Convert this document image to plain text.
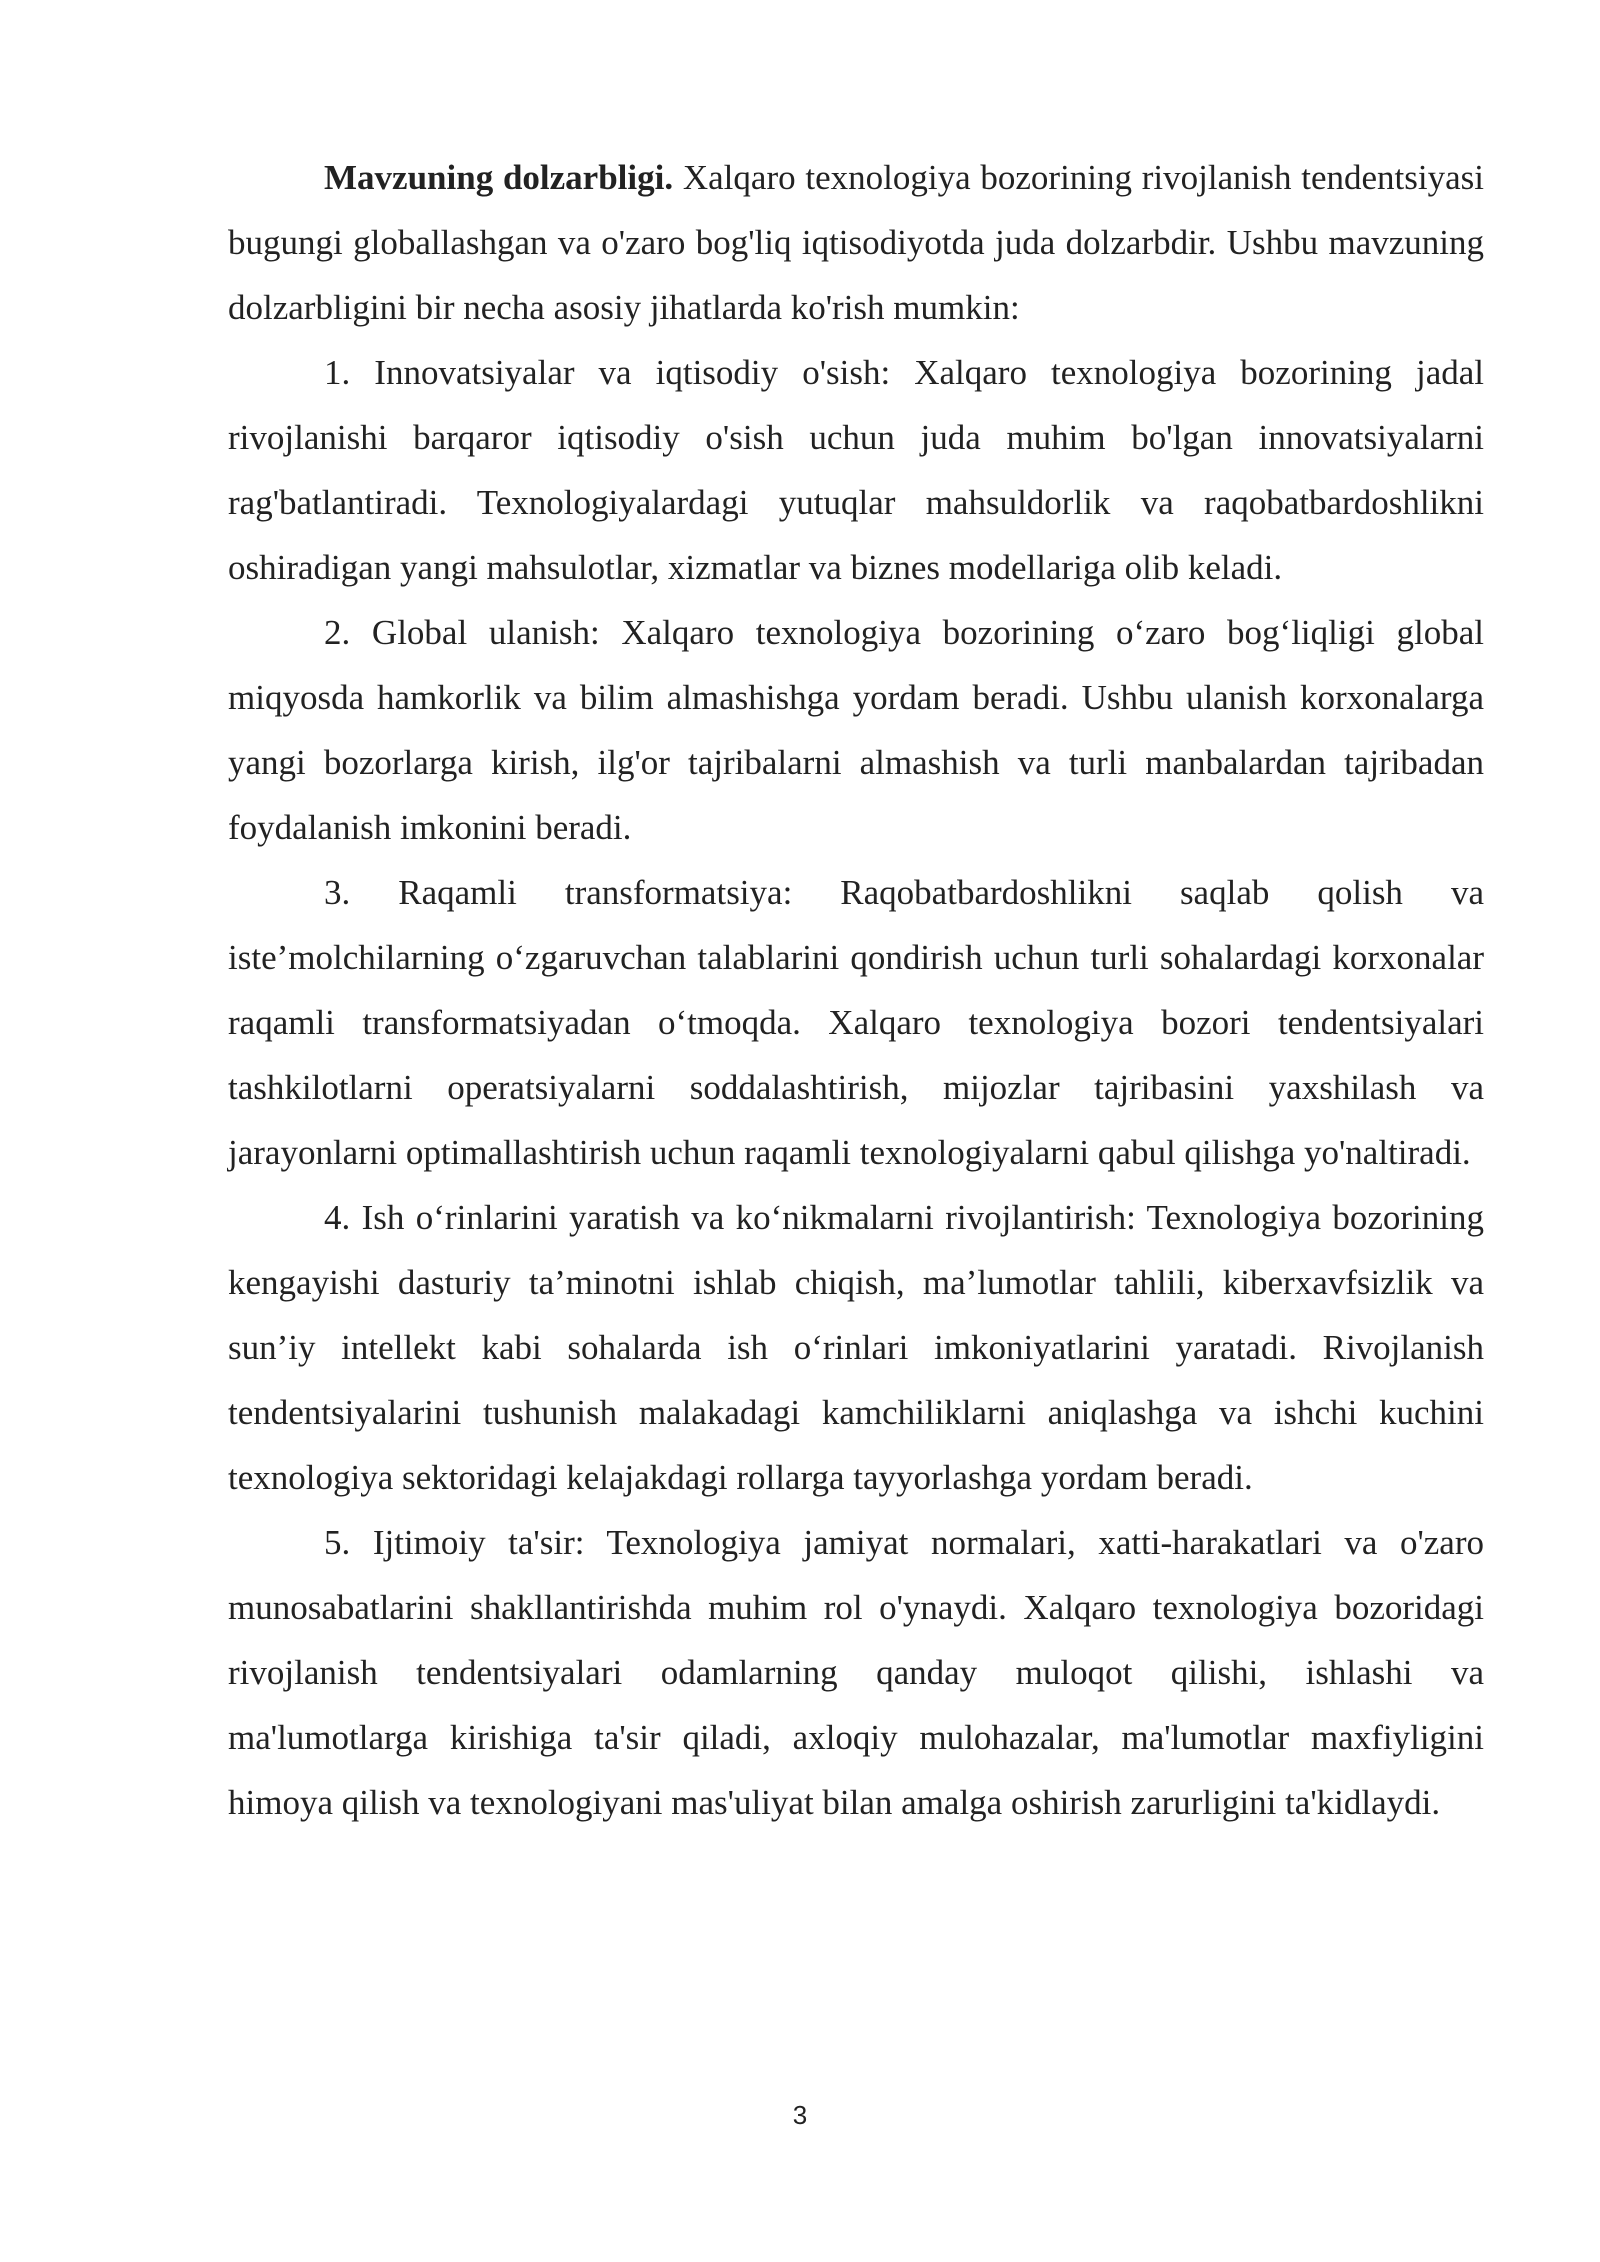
Mavzuning dolzarbligi. Xalqaro texnologiya bozorining rivojlanish tendentsiyasi bugungi globallashgan va o'zaro bog'liq iqtisodiyotda juda dolzarbdir. Ushbu mavzuning dolzarbligini bir necha asosiy jihatlarda ko'rish mumkin:

1. Innovatsiyalar va iqtisodiy o'sish: Xalqaro texnologiya bozorining jadal rivojlanishi barqaror iqtisodiy o'sish uchun juda muhim bo'lgan innovatsiyalarni rag'batlantiradi. Texnologiyalardagi yutuqlar mahsuldorlik va raqobatbardoshlikni oshiradigan yangi mahsulotlar, xizmatlar va biznes modellariga olib keladi.

2. Global ulanish: Xalqaro texnologiya bozorining o‘zaro bog‘liqligi global miqyosda hamkorlik va bilim almashishga yordam beradi. Ushbu ulanish korxonalarga yangi bozorlarga kirish, ilg'or tajribalarni almashish va turli manbalardan tajribadan foydalanish imkonini beradi.

3. Raqamli transformatsiya: Raqobatbardoshlikni saqlab qolish va iste’molchilarning o‘zgaruvchan talablarini qondirish uchun turli sohalardagi korxonalar raqamli transformatsiyadan o‘tmoqda. Xalqaro texnologiya bozori tendentsiyalari tashkilotlarni operatsiyalarni soddalashtirish, mijozlar tajribasini yaxshilash va jarayonlarni optimallashtirish uchun raqamli texnologiyalarni qabul qilishga yo'naltiradi.

4. Ish o‘rinlarini yaratish va ko‘nikmalarni rivojlantirish: Texnologiya bozorining kengayishi dasturiy ta’minotni ishlab chiqish, ma’lumotlar tahlili, kiberxavfsizlik va sun’iy intellekt kabi sohalarda ish o‘rinlari imkoniyatlarini yaratadi. Rivojlanish tendentsiyalarini tushunish malakadagi kamchiliklarni aniqlashga va ishchi kuchini texnologiya sektoridagi kelajakdagi rollarga tayyorlashga yordam beradi.

5. Ijtimoiy ta'sir: Texnologiya jamiyat normalari, xatti-harakatlari va o'zaro munosabatlarini shakllantirishda muhim rol o'ynaydi. Xalqaro texnologiya bozoridagi rivojlanish tendentsiyalari odamlarning qanday muloqot qilishi, ishlashi va ma'lumotlarga kirishiga ta'sir qiladi, axloqiy mulohazalar, ma'lumotlar maxfiyligini himoya qilish va texnologiyani mas'uliyat bilan amalga oshirish zarurligini ta'kidlaydi.

3
